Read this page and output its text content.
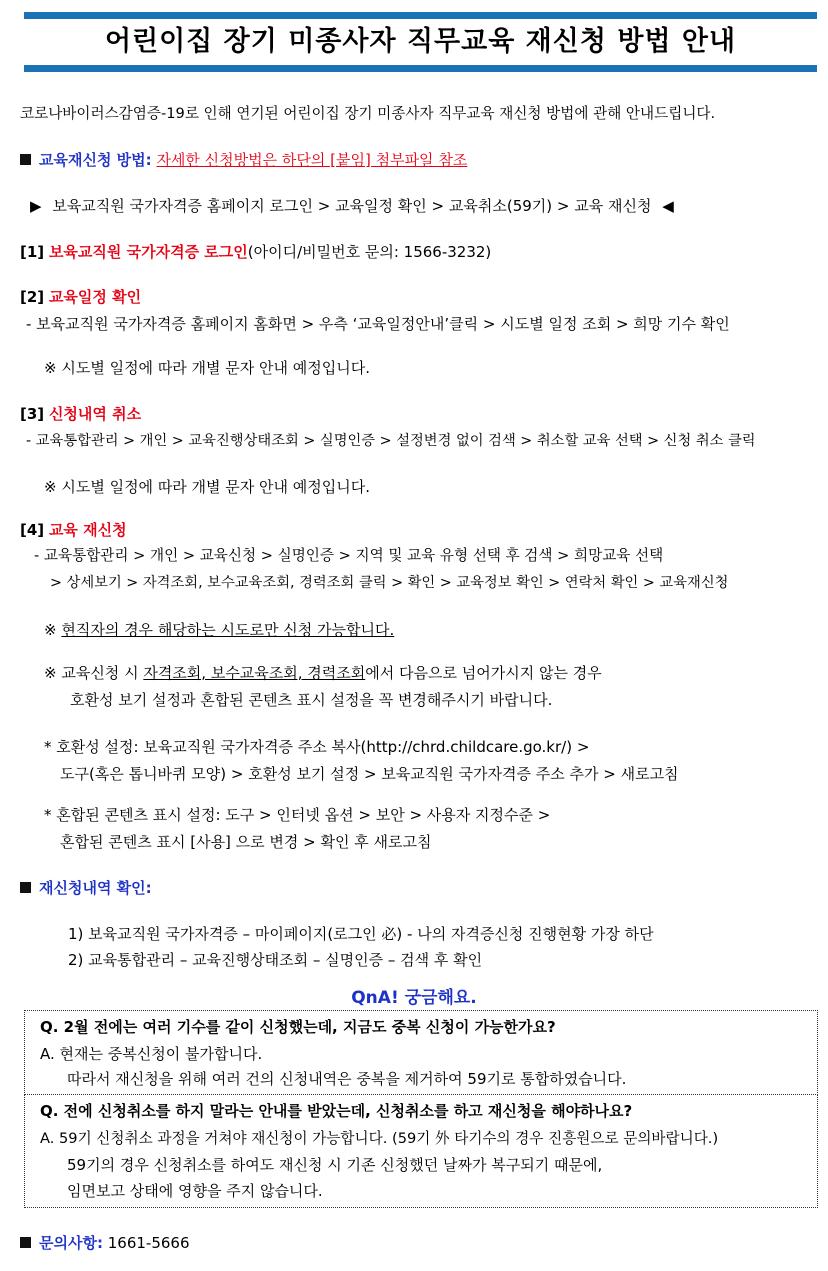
어린이집 장기 미종사자 직무교육 재신청 방법 안내
코로나바이러스감염증-19로 인해 연기된 어린이집 장기 미종사자 직무교육 재신청 방법에 관해 안내드립니다.
교육재신청 방법: 자세한 신청방법은 하단의 [붙임] 첨부파일 참조
▶ 보육교직원 국가자격증 홈페이지 로그인 > 교육일정 확인 > 교육취소(59기) > 교육 재신청 ◀
[1] 보육교직원 국가자격증 로그인(아이디/비밀번호 문의: 1566-3232)
[2] 교육일정 확인
- 보육교직원 국가자격증 홈페이지 홈화면 > 우측 ‘교육일정안내’클릭 > 시도별 일정 조회 > 희망 기수 확인
※ 시도별 일정에 따라 개별 문자 안내 예정입니다.
[3] 신청내역 취소
- 교육통합관리 > 개인 > 교육진행상태조회 > 실명인증 > 설정변경 없이 검색 > 취소할 교육 선택 > 신청 취소 클릭
※ 시도별 일정에 따라 개별 문자 안내 예정입니다.
[4] 교육 재신청
- 교육통합관리 > 개인 > 교육신청 > 실명인증 > 지역 및 교육 유형 선택 후 검색 > 희망교육 선택
> 상세보기 > 자격조회, 보수교육조회, 경력조회 클릭 > 확인 > 교육정보 확인 > 연락처 확인 > 교육재신청
※ 현직자의 경우 해당하는 시도로만 신청 가능합니다.
※ 교육신청 시 자격조회, 보수교육조회, 경력조회에서 다음으로 넘어가시지 않는 경우
호환성 보기 설정과 혼합된 콘텐츠 표시 설정을 꼭 변경해주시기 바랍니다.
* 호환성 설정: 보육교직원 국가자격증 주소 복사(http://chrd.childcare.go.kr/) >
도구(혹은 톱니바퀴 모양) > 호환성 보기 설정 > 보육교직원 국가자격증 주소 추가 > 새로고침
* 혼합된 콘텐츠 표시 설정: 도구 > 인터넷 옵션 > 보안 > 사용자 지정수준 >
혼합된 콘텐츠 표시 [사용] 으로 변경 > 확인 후 새로고침
재신청내역 확인:
1) 보육교직원 국가자격증 – 마이페이지(로그인 必) - 나의 자격증신청 진행현황 가장 하단
2) 교육통합관리 – 교육진행상태조회 – 실명인증 – 검색 후 확인
QnA! 궁금해요.
Q. 2월 전에는 여러 기수를 같이 신청했는데, 지금도 중복 신청이 가능한가요?
A. 현재는 중복신청이 불가합니다.
따라서 재신청을 위해 여러 건의 신청내역은 중복을 제거하여 59기로 통합하였습니다.
Q. 전에 신청취소를 하지 말라는 안내를 받았는데, 신청취소를 하고 재신청을 해야하나요?
A. 59기 신청취소 과정을 거쳐야 재신청이 가능합니다. (59기 外 타기수의 경우 진흥원으로 문의바랍니다.)
59기의 경우 신청취소를 하여도 재신청 시 기존 신청했던 날짜가 복구되기 때문에,
임면보고 상태에 영향을 주지 않습니다.
문의사항: 1661-5666
